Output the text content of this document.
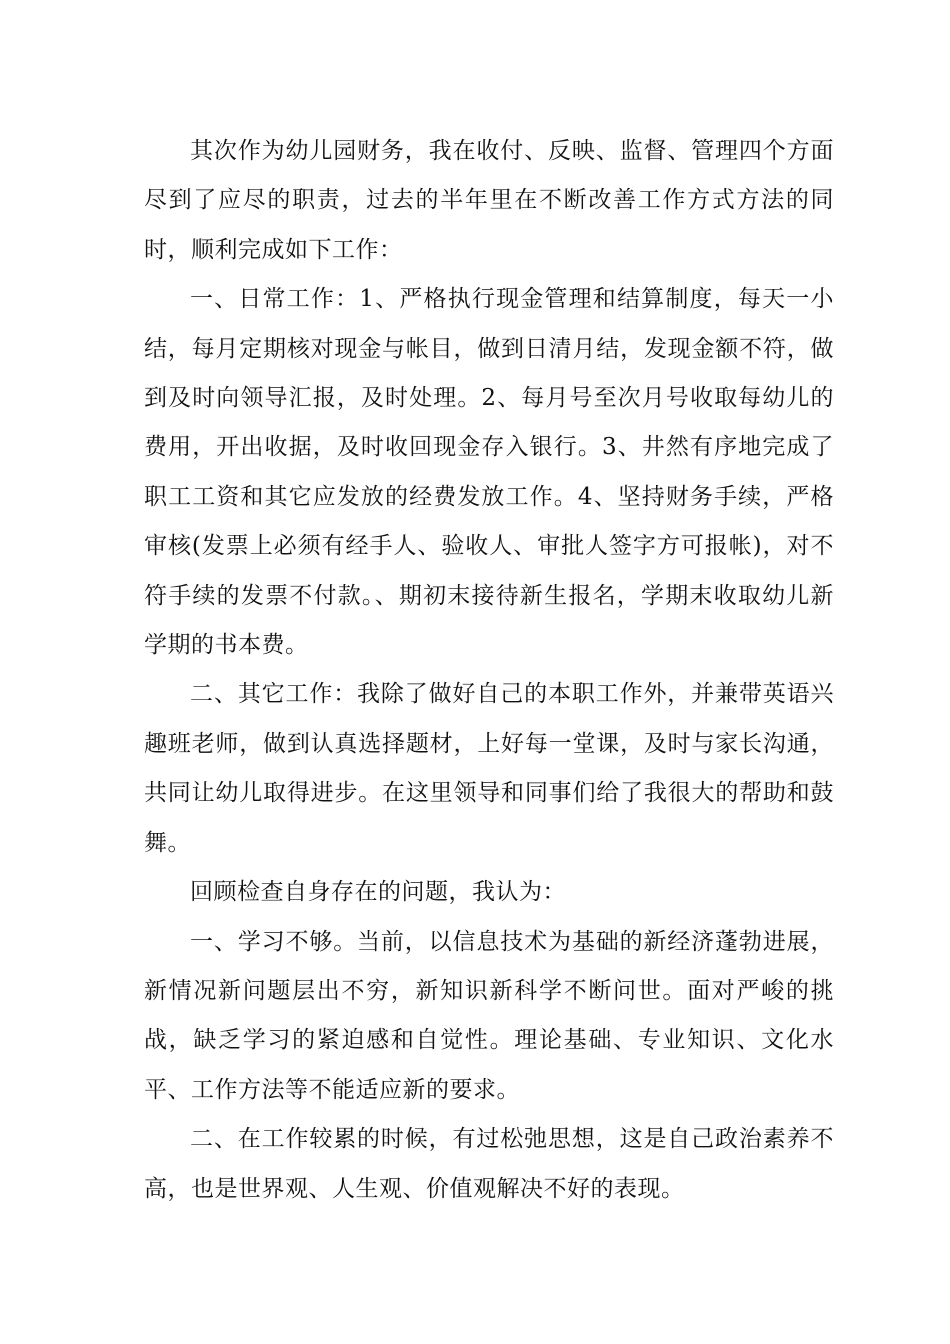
其次作为幼儿园财务，我在收付、反映、监督、管理四个方面尽到了应尽的职责，过去的半年里在不断改善工作方式方法的同时，顺利完成如下工作：

一、日常工作：1、严格执行现金管理和结算制度，每天一小结，每月定期核对现金与帐目，做到日清月结，发现金额不符，做到及时向领导汇报，及时处理。2、每月号至次月号收取每幼儿的费用，开出收据，及时收回现金存入银行。3、井然有序地完成了职工工资和其它应发放的经费发放工作。4、坚持财务手续，严格审核(发票上必须有经手人、验收人、审批人签字方可报帐)，对不符手续的发票不付款。、期初末接待新生报名，学期末收取幼儿新学期的书本费。

二、其它工作：我除了做好自己的本职工作外，并兼带英语兴趣班老师，做到认真选择题材，上好每一堂课，及时与家长沟通，共同让幼儿取得进步。在这里领导和同事们给了我很大的帮助和鼓舞。

回顾检查自身存在的问题，我认为：

一、学习不够。当前，以信息技术为基础的新经济蓬勃进展，新情况新问题层出不穷，新知识新科学不断问世。面对严峻的挑战，缺乏学习的紧迫感和自觉性。理论基础、专业知识、文化水平、工作方法等不能适应新的要求。

二、在工作较累的时候，有过松弛思想，这是自己政治素养不高，也是世界观、人生观、价值观解决不好的表现。
